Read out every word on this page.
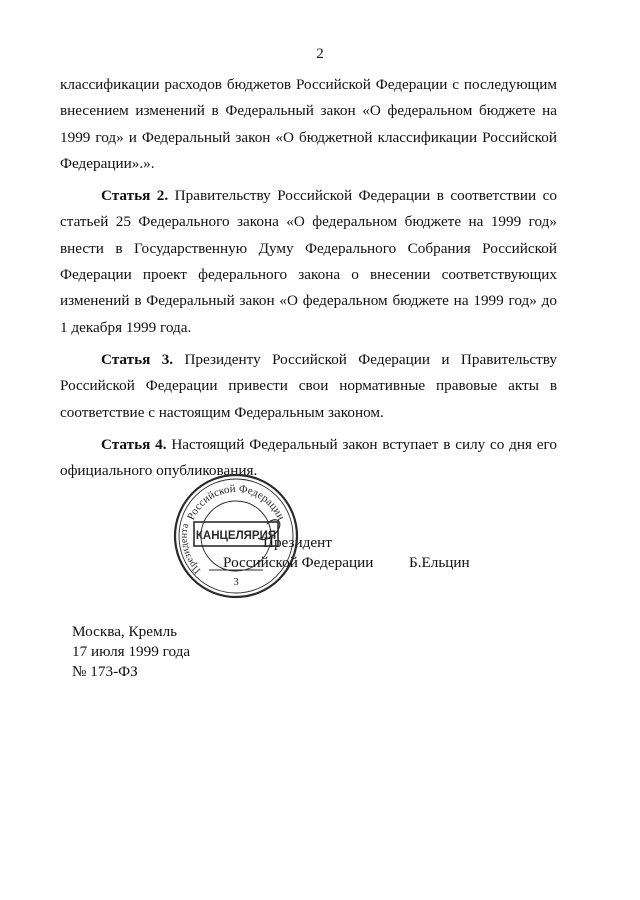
2

классификации расходов бюджетов Российской Федерации с последующим внесением изменений в Федеральный закон «О федеральном бюджете на 1999 год» и Федеральный закон «О бюджетной классификации Российской Федерации».».

Статья 2. Правительству Российской Федерации в соответствии со статьей 25 Федерального закона «О федеральном бюджете на 1999 год» внести в Государственную Думу Федерального Собрания Российской Федерации проект федерального закона о внесении соответствующих изменений в Федеральный закон «О федеральном бюджете на 1999 год» до 1 декабря 1999 года.

Статья 3. Президенту Российской Федерации и Правительству Российской Федерации привести свои нормативные правовые акты в соответствие с настоящим Федеральным законом.

Статья 4. Настоящий Федеральный закон вступает в силу со дня его официального опубликования.

Президент
Российской Федерации Б.Ельцин
Российской Федерации
Президента
КАНЦЕЛЯРИЯ
3
Москва, Кремль
17 июля 1999 года
№ 173-ФЗ
